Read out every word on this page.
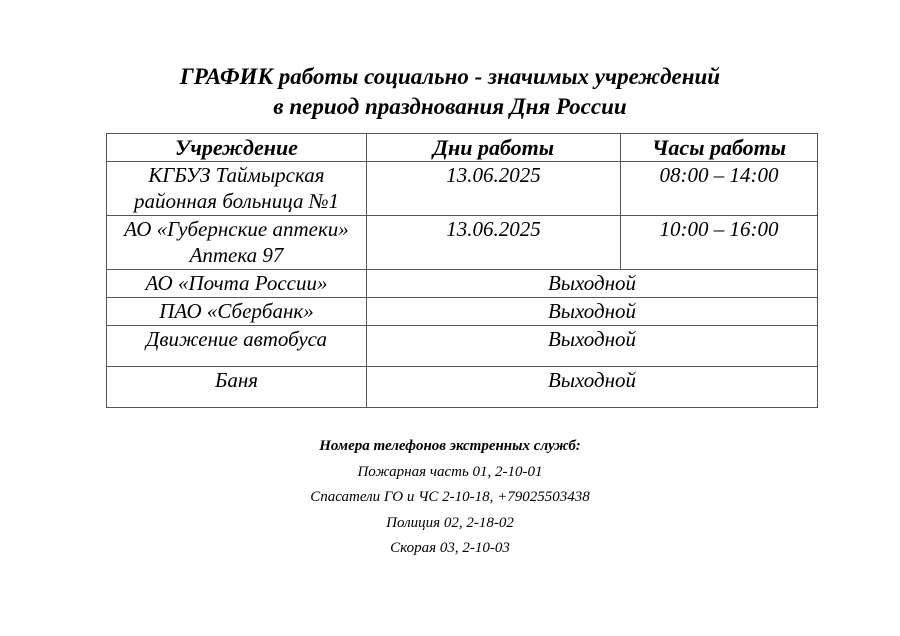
ГРАФИК работы социально - значимых учреждений
в период празднования Дня России
Учреждение	Дни работы	Часы работы
КГБУЗ Таймырская районная больница №1	13.06.2025	08:00 – 14:00
АО «Губернские аптеки» Аптека 97	13.06.2025	10:00 – 16:00
АО «Почта России»	Выходной	
ПАО «Сбербанк»	Выходной	
Движение автобуса	Выходной	
Баня	Выходной	
Номера телефонов экстренных служб:
Пожарная часть 01, 2-10-01
Спасатели ГО и ЧС 2-10-18, +79025503438
Полиция 02, 2-18-02
Скорая 03, 2-10-03
